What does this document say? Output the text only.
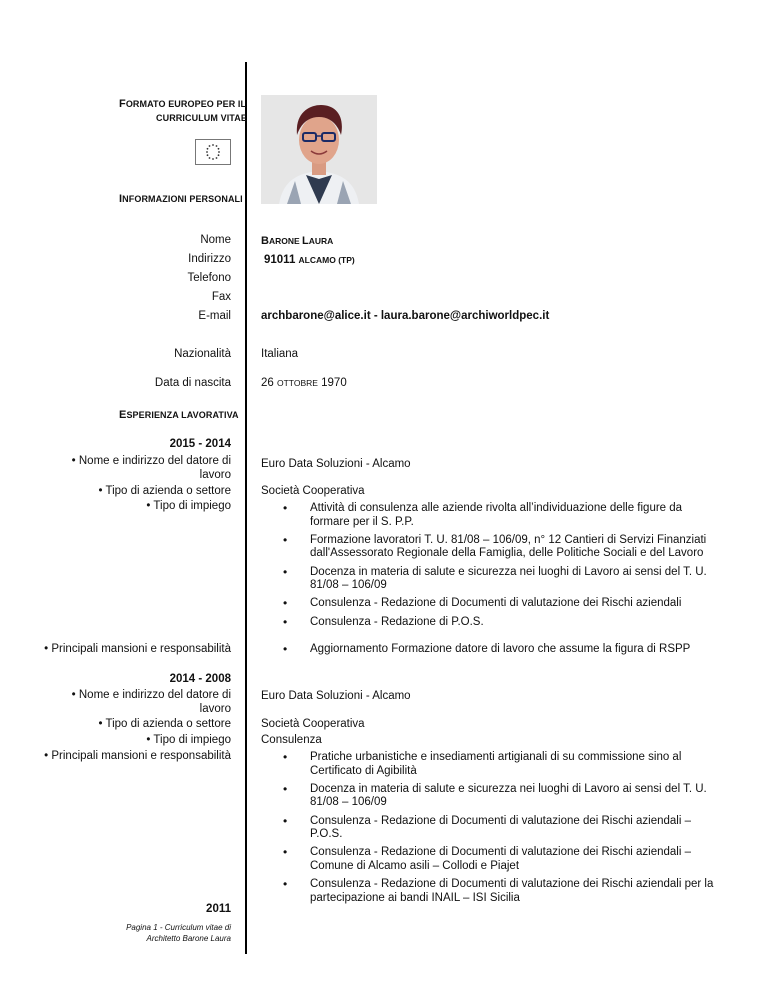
FORMATO EUROPEO PER IL
CURRICULUM VITAE
INFORMAZIONI PERSONALI
Nome
Indirizzo
Telefono
Fax
E-mail
Nazionalità
Data di nascita
BARONE LAURA
91011 ALCAMO (TP)
archbarone@alice.it - laura.barone@archiworldpec.it
Italiana
26 OTTOBRE 1970
ESPERIENZA LAVORATIVA
2015 - 2014
• Nome e indirizzo del datore di lavoro
• Tipo di azienda o settore
• Tipo di impiego
Euro Data Soluzioni - Alcamo
Società Cooperativa
• Attività di consulenza alle aziende rivolta all’individuazione delle figure da formare per il S. P.P.
• Formazione lavoratori T. U. 81/08 – 106/09, n° 12 Cantieri di Servizi Finanziati dall'Assessorato Regionale della Famiglia, delle Politiche Sociali e del Lavoro
• Docenza in materia di salute e sicurezza nei luoghi di Lavoro ai sensi del T. U. 81/08 – 106/09
• Consulenza - Redazione di Documenti di valutazione dei Rischi aziendali
• Consulenza - Redazione di P.O.S.
• Principali mansioni e responsabilità
•	Aggiornamento Formazione datore di lavoro che assume la figura di RSPP
2014 - 2008
• Nome e indirizzo del datore di lavoro
• Tipo di azienda o settore
• Tipo di impiego
• Principali mansioni e responsabilità
Euro Data Soluzioni - Alcamo
Società Cooperativa
Consulenza
• Pratiche urbanistiche e insediamenti artigianali di su commissione sino al Certificato di Agibilità
• Docenza in materia di salute e sicurezza nei luoghi di Lavoro ai sensi del T. U. 81/08 – 106/09
• Consulenza - Redazione di Documenti di valutazione dei Rischi aziendali – P.O.S.
• Consulenza - Redazione di Documenti di valutazione dei Rischi aziendali – Comune di Alcamo asili – Collodi e Piajet
• Consulenza - Redazione di Documenti di valutazione dei Rischi aziendali per la partecipazione ai bandi INAIL – ISI Sicilia
2011
Pagina 1 - Curriculum vitae di
Architetto Barone Laura
